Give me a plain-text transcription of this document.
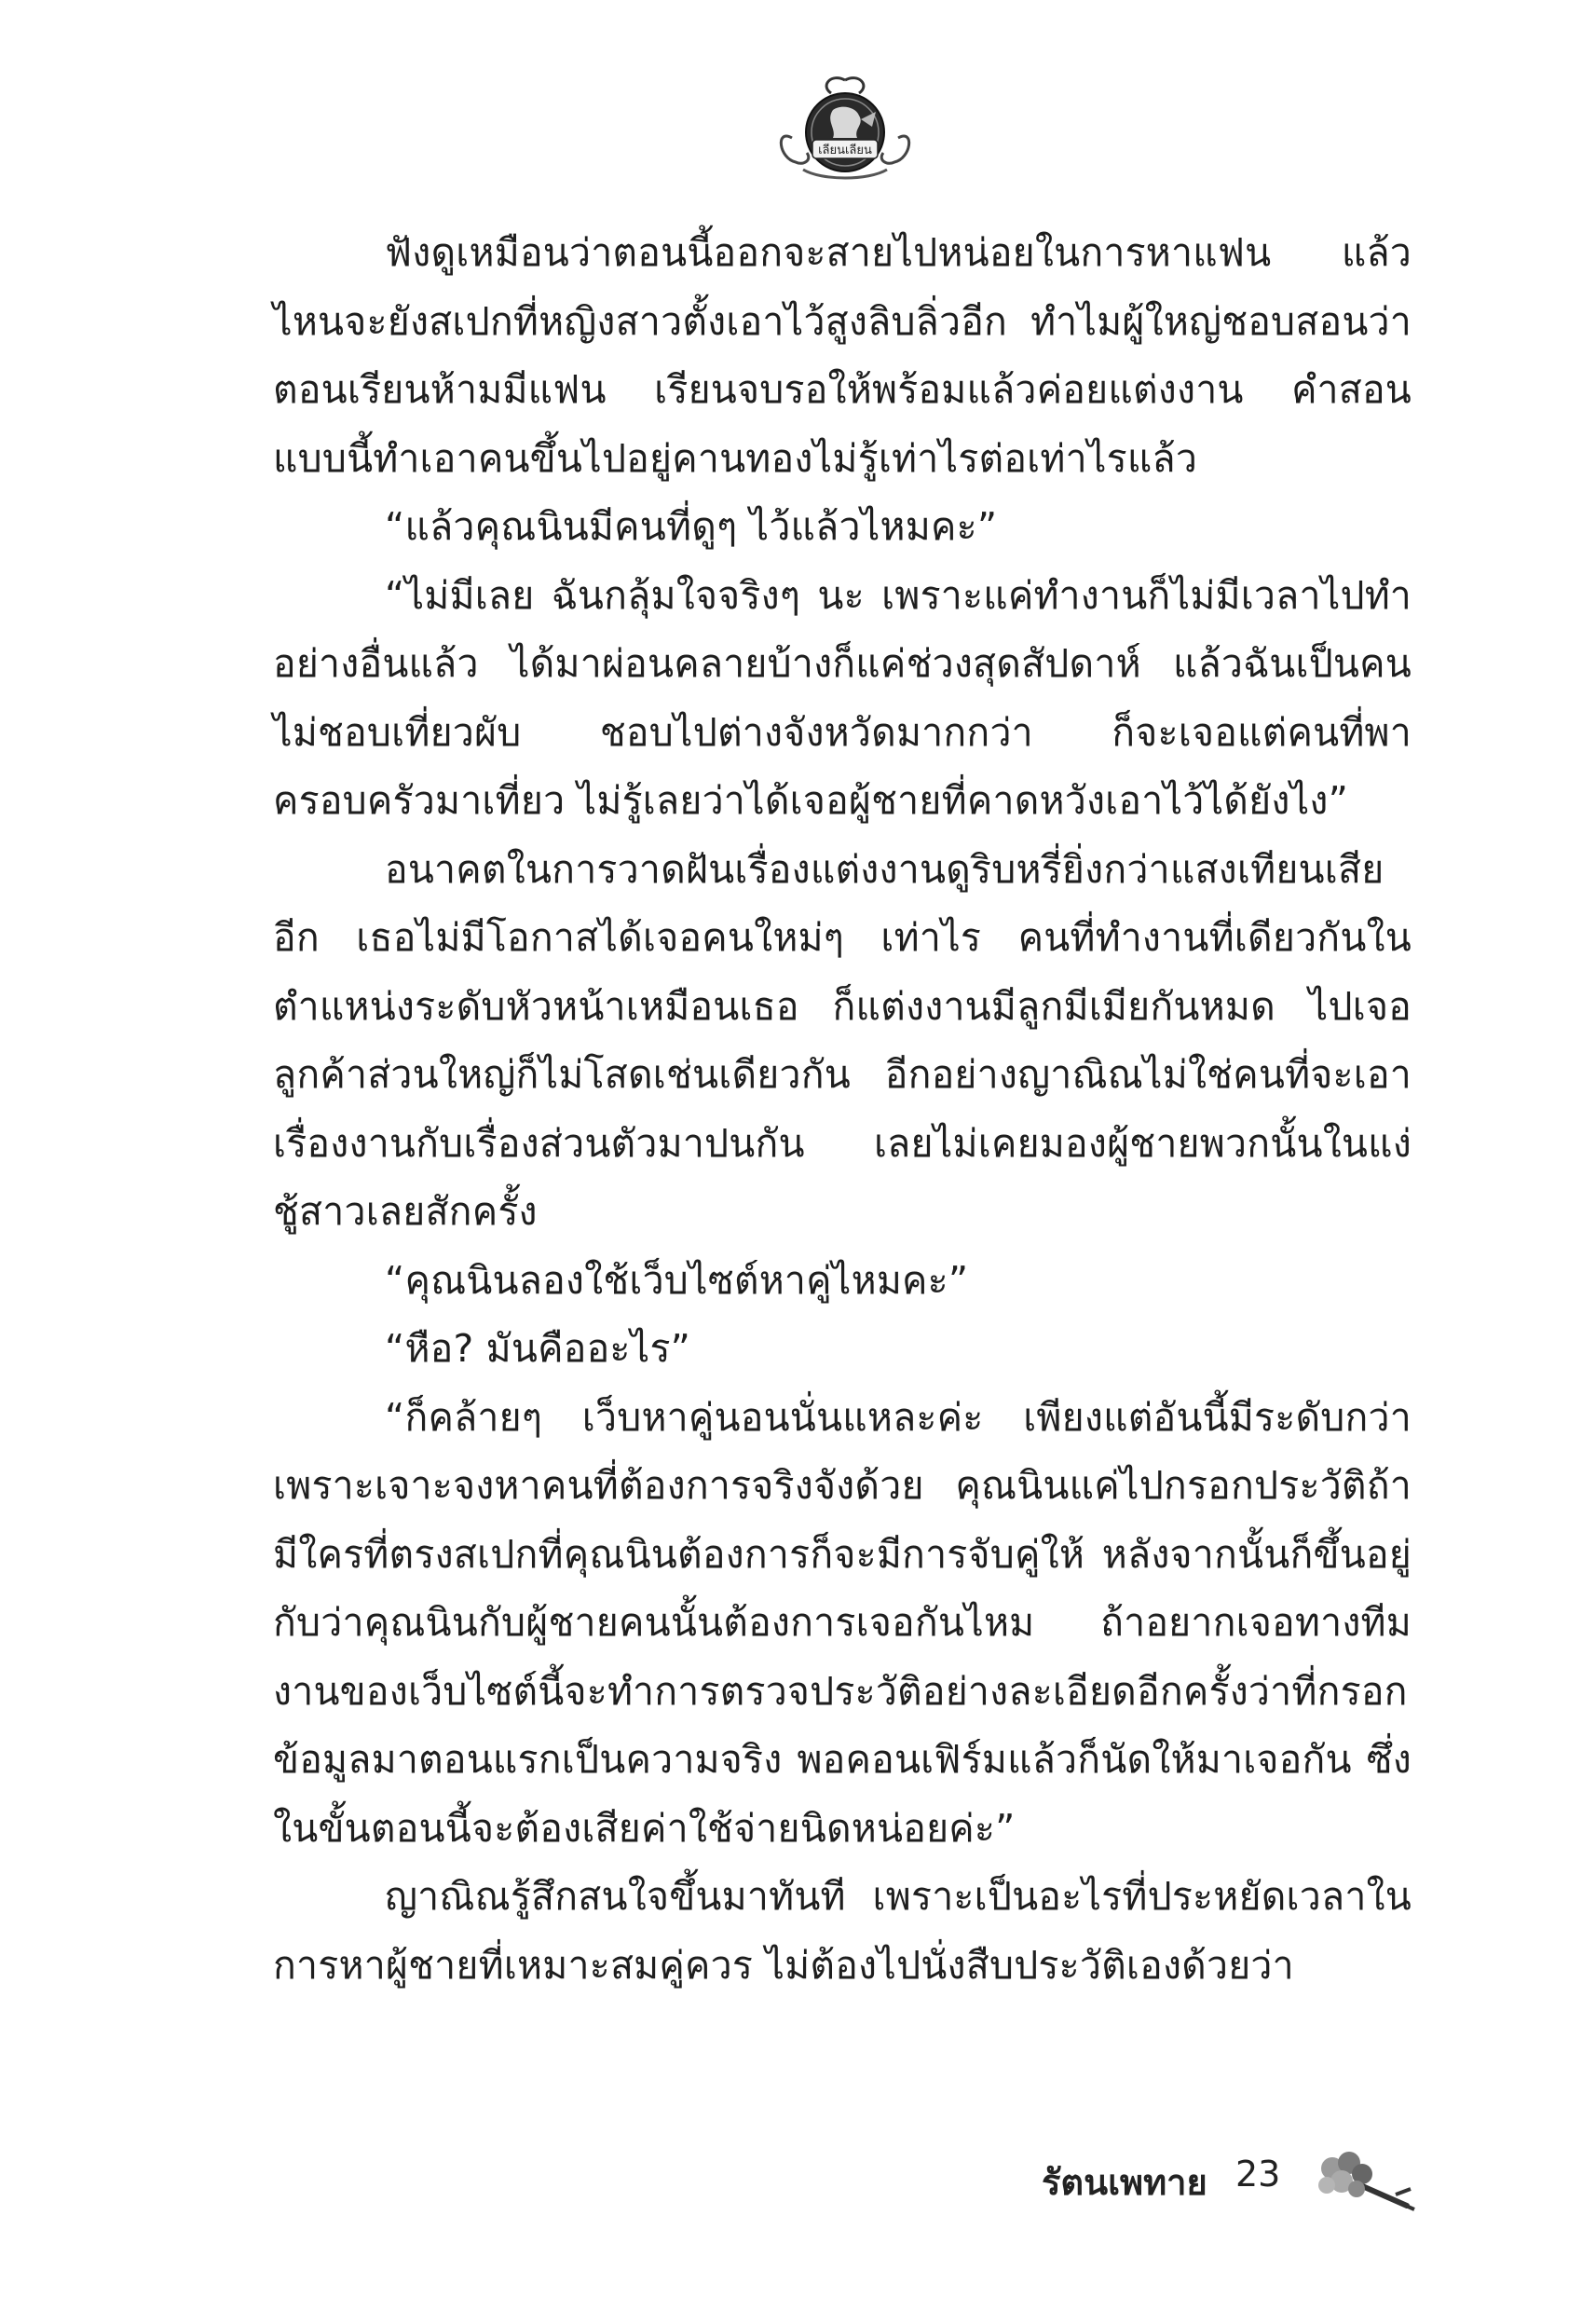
เลียนเลียน

ฟังดูเหมือนว่าตอนนี้ออกจะสายไปหน่อยในการหาแฟน แล้วไหนจะยังสเปกที่หญิงสาวตั้งเอาไว้สูงลิบลิ่วอีก ทำไมผู้ใหญ่ชอบสอนว่าตอนเรียนห้ามมีแฟน เรียนจบรอให้พร้อมแล้วค่อยแต่งงาน คำสอนแบบนี้ทำเอาคนขึ้นไปอยู่คานทองไม่รู้เท่าไรต่อเท่าไรแล้ว

“แล้วคุณนินมีคนที่ดูๆ ไว้แล้วไหมคะ”

“ไม่มีเลย ฉันกลุ้มใจจริงๆ นะ เพราะแค่ทำงานก็ไม่มีเวลาไปทำอย่างอื่นแล้ว ได้มาผ่อนคลายบ้างก็แค่ช่วงสุดสัปดาห์ แล้วฉันเป็นคนไม่ชอบเที่ยวผับ ชอบไปต่างจังหวัดมากกว่า ก็จะเจอแต่คนที่พาครอบครัวมาเที่ยว ไม่รู้เลยว่าได้เจอผู้ชายที่คาดหวังเอาไว้ได้ยังไง”

อนาคตในการวาดฝันเรื่องแต่งงานดูริบหรี่ยิ่งกว่าแสงเทียนเสียอีก เธอไม่มีโอกาสได้เจอคนใหม่ๆ เท่าไร คนที่ทำงานที่เดียวกันในตำแหน่งระดับหัวหน้าเหมือนเธอ ก็แต่งงานมีลูกมีเมียกันหมด ไปเจอลูกค้าส่วนใหญ่ก็ไม่โสดเช่นเดียวกัน อีกอย่างญาณิณไม่ใช่คนที่จะเอาเรื่องงานกับเรื่องส่วนตัวมาปนกัน เลยไม่เคยมองผู้ชายพวกนั้นในแง่ชู้สาวเลยสักครั้ง

“คุณนินลองใช้เว็บไซต์หาคู่ไหมคะ”

“หือ? มันคืออะไร”

“ก็คล้ายๆ เว็บหาคู่นอนนั่นแหละค่ะ เพียงแต่อันนี้มีระดับกว่าเพราะเจาะจงหาคนที่ต้องการจริงจังด้วย คุณนินแค่ไปกรอกประวัติถ้ามีใครที่ตรงสเปกที่คุณนินต้องการก็จะมีการจับคู่ให้ หลังจากนั้นก็ขึ้นอยู่กับว่าคุณนินกับผู้ชายคนนั้นต้องการเจอกันไหม ถ้าอยากเจอทางทีมงานของเว็บไซต์นี้จะทำการตรวจประวัติอย่างละเอียดอีกครั้งว่าที่กรอกข้อมูลมาตอนแรกเป็นความจริง พอคอนเฟิร์มแล้วก็นัดให้มาเจอกัน ซึ่งในขั้นตอนนี้จะต้องเสียค่าใช้จ่ายนิดหน่อยค่ะ”

ญาณิณรู้สึกสนใจขึ้นมาทันที เพราะเป็นอะไรที่ประหยัดเวลาในการหาผู้ชายที่เหมาะสมคู่ควร ไม่ต้องไปนั่งสืบประวัติเองด้วยว่า

รัตนเพทาย 23
